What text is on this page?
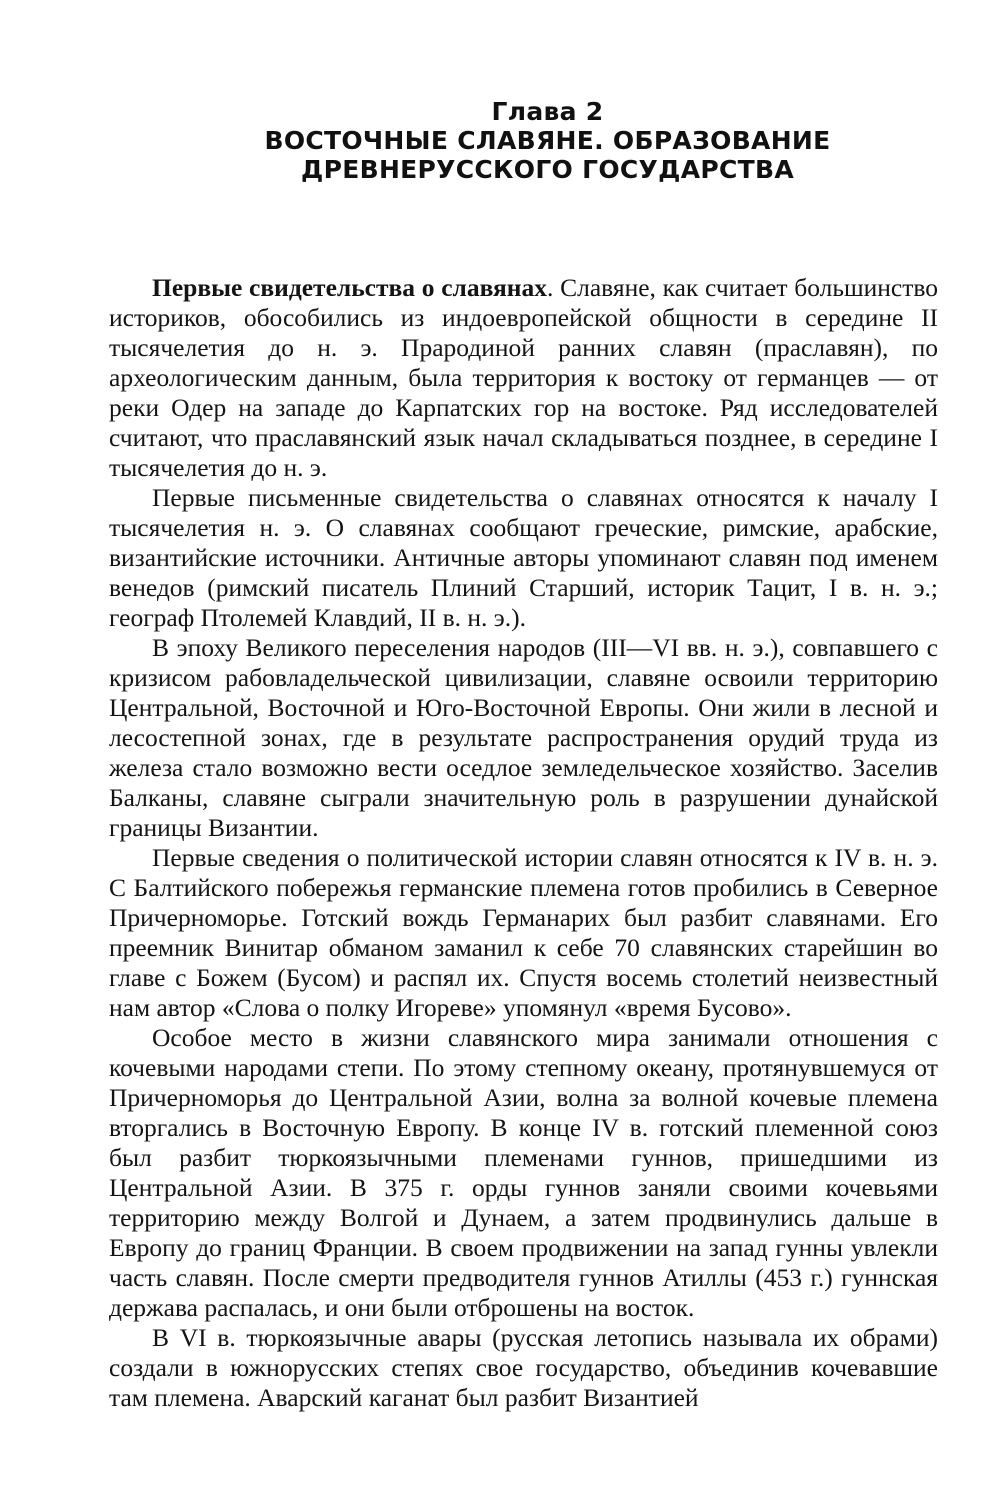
Глава 2
ВОСТОЧНЫЕ СЛАВЯНЕ. ОБРАЗОВАНИЕ
ДРЕВНЕРУССКОГО ГОСУДАРСТВА

Первые свидетельства о славянах. Славяне, как считает большинство историков, обособились из индоевропейской общности в середине II тысячелетия до н. э. Прародиной ранних славян (праславян), по археологическим данным, была территория к востоку от германцев — от реки Одер на западе до Карпатских гор на востоке. Ряд исследователей считают, что праславянский язык начал складываться позднее, в середине I тысячелетия до н. э.

Первые письменные свидетельства о славянах относятся к началу I тысячелетия н. э. О славянах сообщают греческие, римские, арабские, византийские источники. Античные авторы упоминают славян под именем венедов (римский писатель Плиний Старший, историк Тацит, I в. н. э.; географ Птолемей Клавдий, II в. н. э.).

В эпоху Великого переселения народов (III—VI вв. н. э.), совпавшего с кризисом рабовладельческой цивилизации, славяне освоили территорию Центральной, Восточной и Юго-Восточной Европы. Они жили в лесной и лесостепной зонах, где в результате распространения орудий труда из железа стало возможно вести оседлое земледельческое хозяйство. Заселив Балканы, славяне сыграли значительную роль в разрушении дунайской границы Византии.

Первые сведения о политической истории славян относятся к IV в. н. э. С Балтийского побережья германские племена готов пробились в Северное Причерноморье. Готский вождь Германарих был разбит славянами. Его преемник Винитар обманом заманил к себе 70 славянских старейшин во главе с Божем (Бусом) и распял их. Спустя восемь столетий неизвестный нам автор «Слова о полку Игореве» упомянул «время Бусово».

Особое место в жизни славянского мира занимали отношения с кочевыми народами степи. По этому степному океану, протянувшемуся от Причерноморья до Центральной Азии, волна за волной кочевые племена вторгались в Восточную Европу. В конце IV в. готский племенной союз был разбит тюркоязычными племенами гуннов, пришедшими из Центральной Азии. В 375 г. орды гуннов заняли своими кочевьями территорию между Волгой и Дунаем, а затем продвинулись дальше в Европу до границ Франции. В своем продвижении на запад гунны увлекли часть славян. После смерти предводителя гуннов Атиллы (453 г.) гуннская держава распалась, и они были отброшены на восток.

В VI в. тюркоязычные авары (русская летопись называла их обрами) создали в южнорусских степях свое государство, объединив кочевавшие там племена. Аварский каганат был разбит Византией
